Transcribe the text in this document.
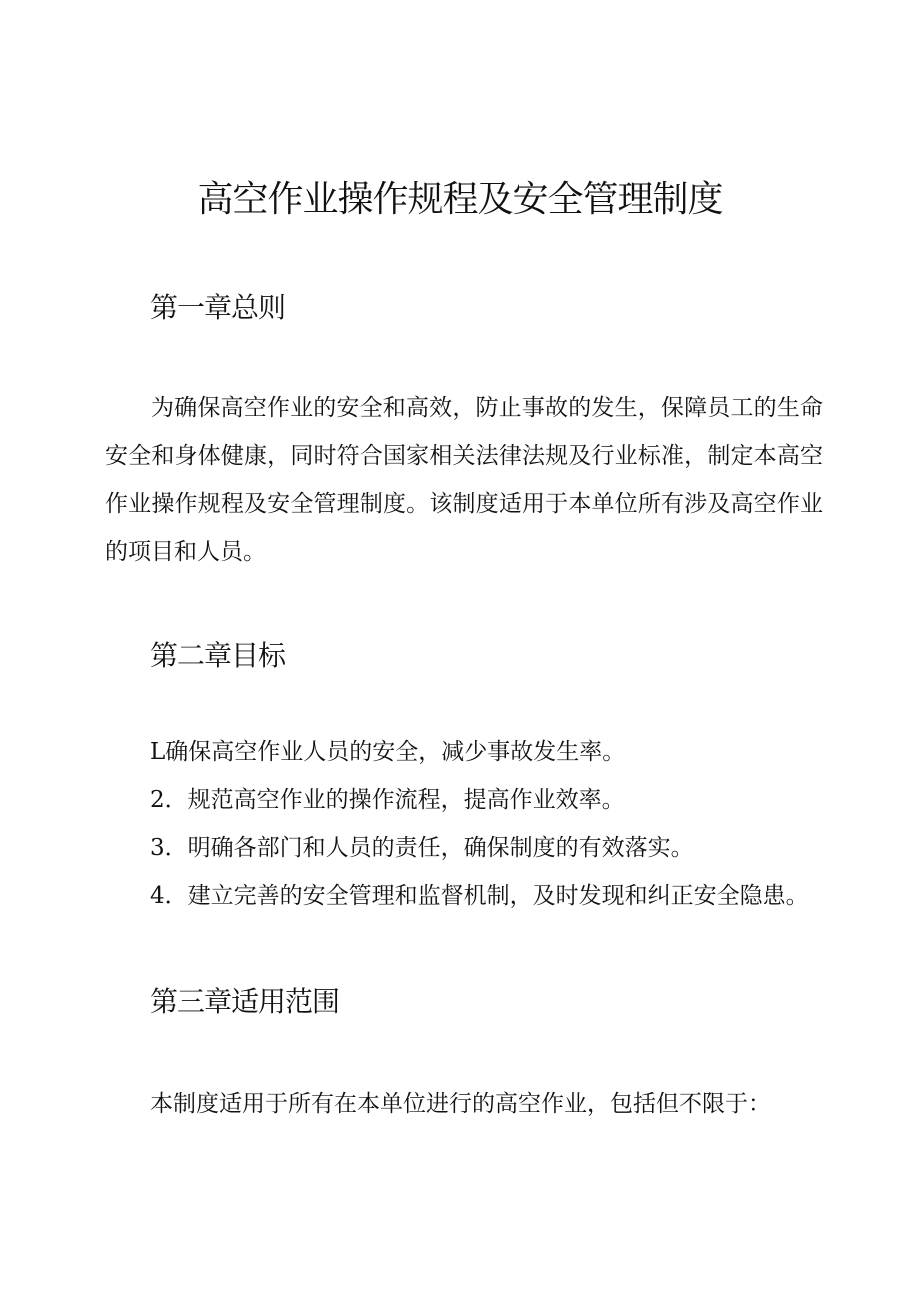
高空作业操作规程及安全管理制度
第一章总则

为确保高空作业的安全和高效，防止事故的发生，保障员工的生命安全和身体健康，同时符合国家相关法律法规及行业标准，制定本高空作业操作规程及安全管理制度。该制度适用于本单位所有涉及高空作业的项目和人员。

第二章目标
L确保高空作业人员的安全，减少事故发生率。
2．规范高空作业的操作流程，提高作业效率。
3．明确各部门和人员的责任，确保制度的有效落实。
4．建立完善的安全管理和监督机制，及时发现和纠正安全隐患。
第三章适用范围

本制度适用于所有在本单位进行的高空作业，包括但不限于：
